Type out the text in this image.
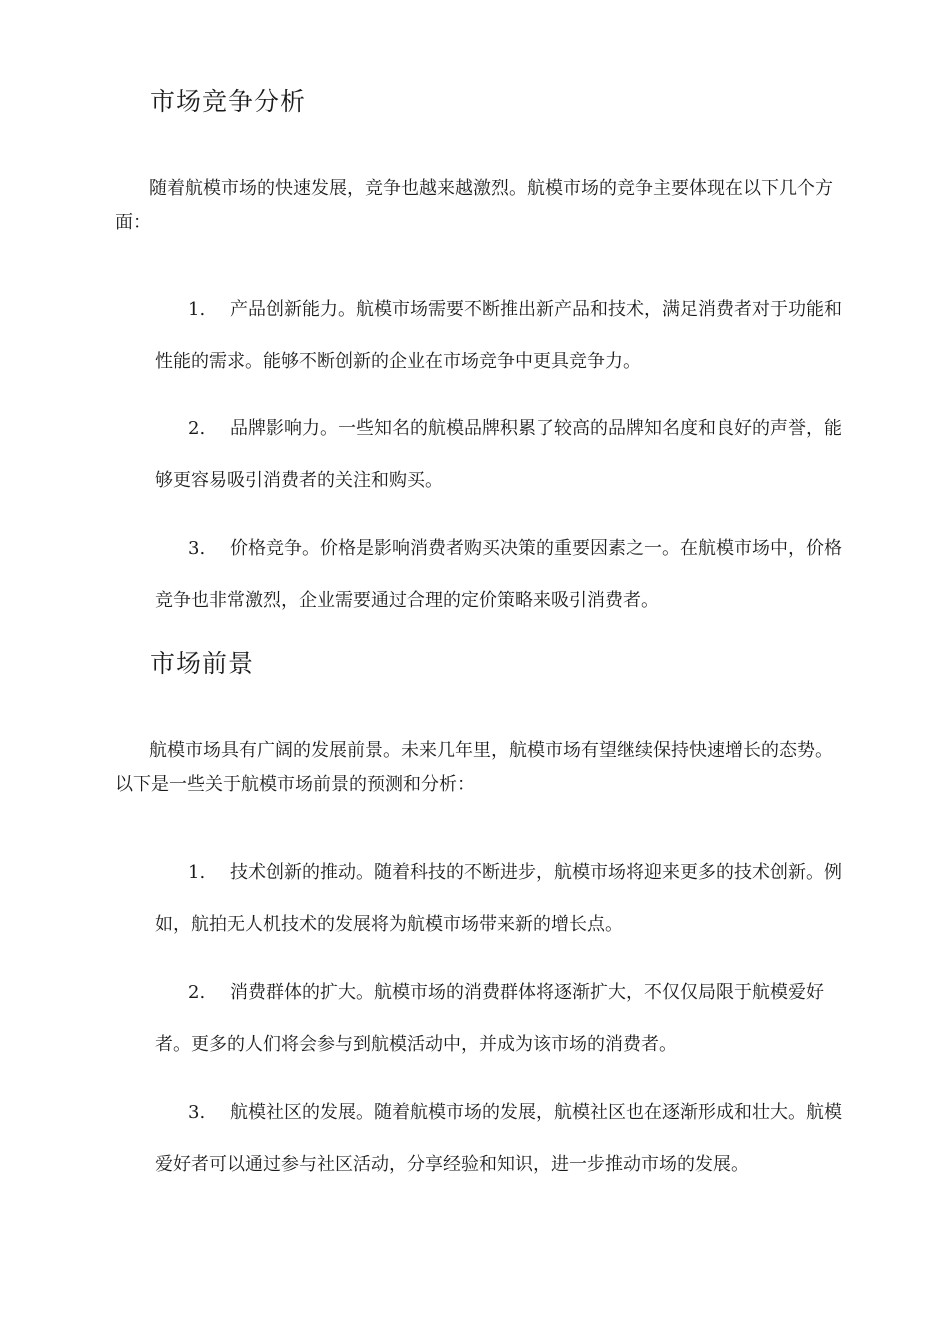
市场竞争分析

随着航模市场的快速发展，竞争也越来越激烈。航模市场的竞争主要体现在以下几个方面：

1. 产品创新能力。航模市场需要不断推出新产品和技术，满足消费者对于功能和性能的需求。能够不断创新的企业在市场竞争中更具竞争力。

2. 品牌影响力。一些知名的航模品牌积累了较高的品牌知名度和良好的声誉，能够更容易吸引消费者的关注和购买。

3. 价格竞争。价格是影响消费者购买决策的重要因素之一。在航模市场中，价格竞争也非常激烈，企业需要通过合理的定价策略来吸引消费者。

市场前景

航模市场具有广阔的发展前景。未来几年里，航模市场有望继续保持快速增长的态势。以下是一些关于航模市场前景的预测和分析：

1. 技术创新的推动。随着科技的不断进步，航模市场将迎来更多的技术创新。例如，航拍无人机技术的发展将为航模市场带来新的增长点。

2. 消费群体的扩大。航模市场的消费群体将逐渐扩大，不仅仅局限于航模爱好者。更多的人们将会参与到航模活动中，并成为该市场的消费者。

3. 航模社区的发展。随着航模市场的发展，航模社区也在逐渐形成和壮大。航模爱好者可以通过参与社区活动，分享经验和知识，进一步推动市场的发展。
